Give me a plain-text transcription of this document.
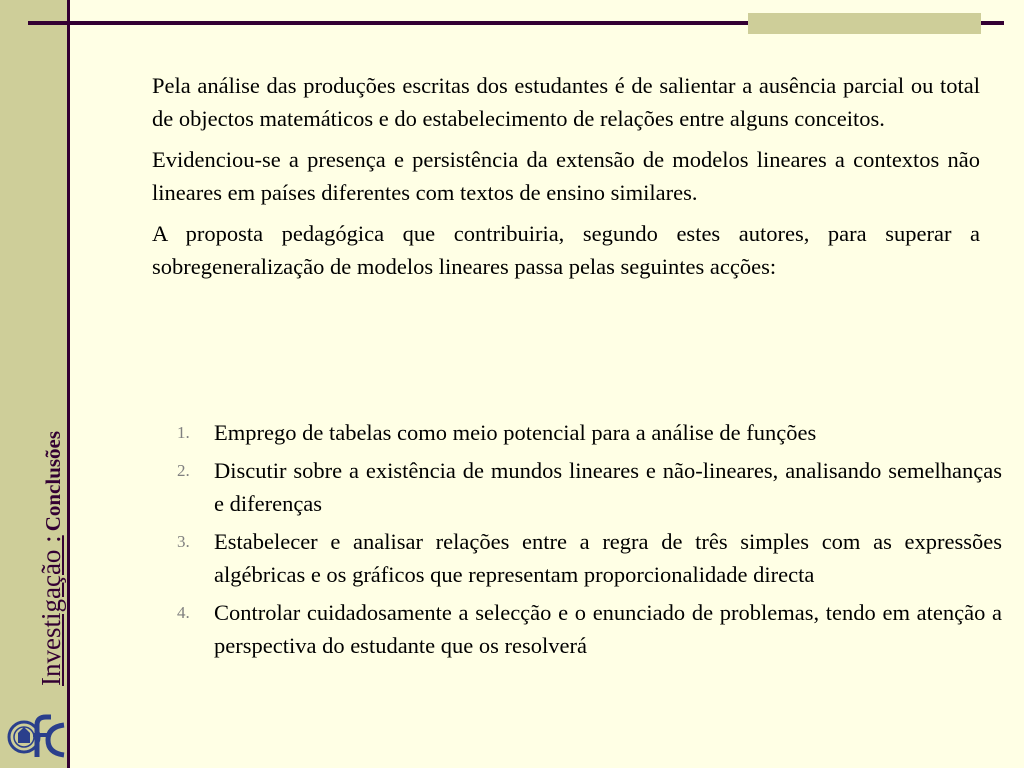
Investigação : Conclusões

Pela análise das produções escritas dos estudantes é de salientar a ausência parcial ou total de objectos matemáticos e do estabelecimento de relações entre alguns conceitos.

Evidenciou-se a presença e persistência da extensão de modelos lineares a contextos não lineares em países diferentes com textos de ensino similares.

A proposta pedagógica que contribuiria, segundo estes autores, para superar a sobregeneralização de modelos lineares passa pelas seguintes acções:

1. Emprego de tabelas como meio potencial para a análise de funções
2. Discutir sobre a existência de mundos lineares e não-lineares, analisando semelhanças e diferenças
3. Estabelecer e analisar relações entre a regra de três simples com as expressões algébricas e os gráficos que representam proporcionalidade directa
4. Controlar cuidadosamente a selecção e o enunciado de problemas, tendo em atenção a perspectiva do estudante que os resolverá
